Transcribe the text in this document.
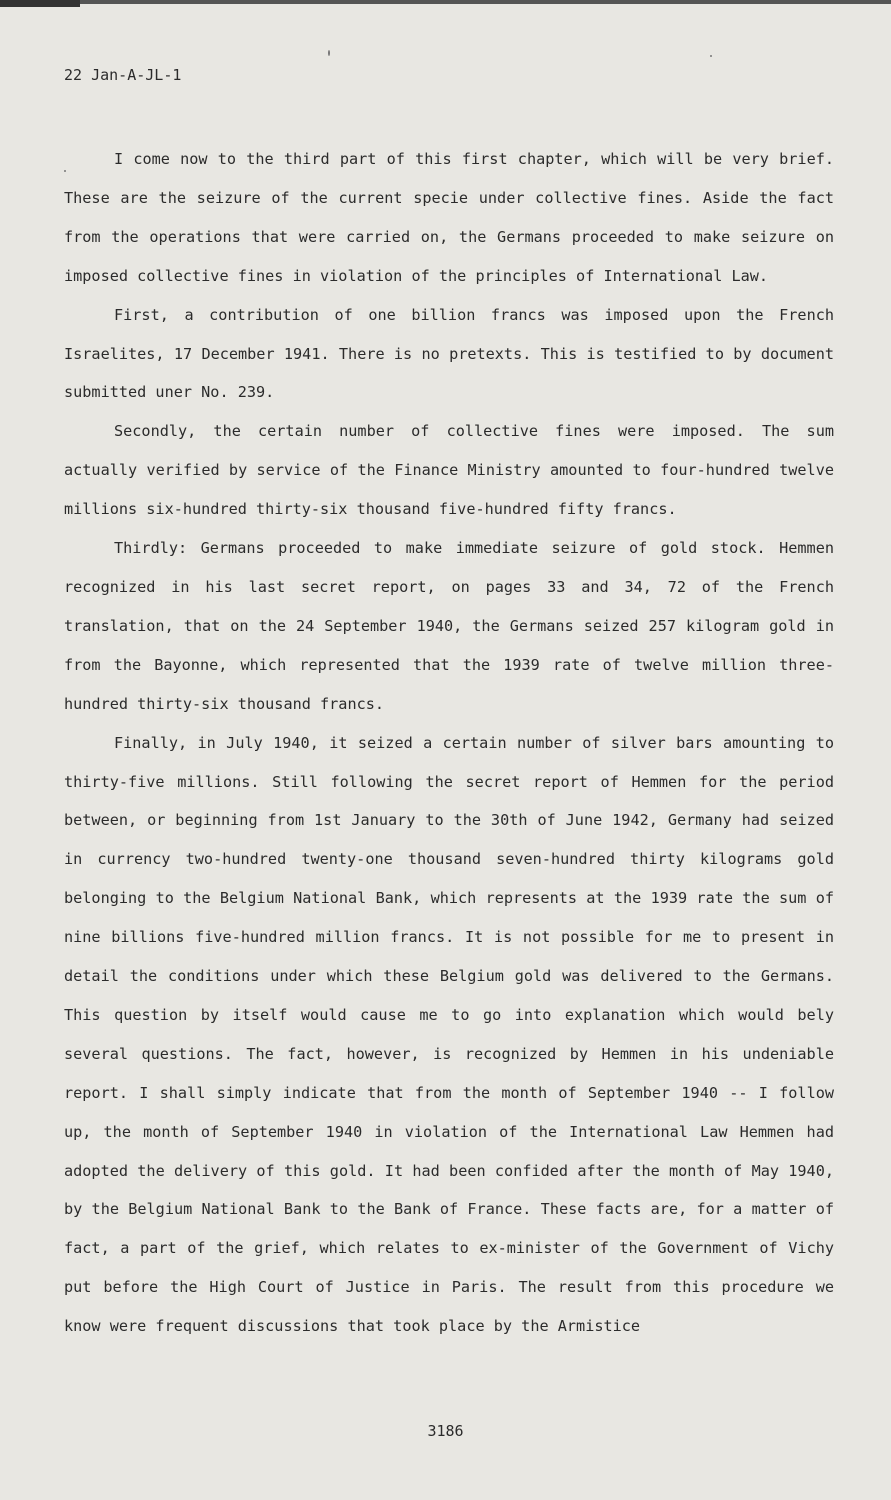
22 Jan-A-JL-1

I come now to the third part of this first chapter, which will be very brief. These are the seizure of the current specie under collective fines. Aside the fact from the operations that were carried on, the Germans proceeded to make seizure on imposed collective fines in violation of the principles of International Law.

First, a contribution of one billion francs was imposed upon the French Israelites, 17 December 1941. There is no pretexts. This is testified to by document submitted uner No. 239.

Secondly, the certain number of collective fines were imposed. The sum actually verified by service of the Finance Ministry amounted to four-hundred twelve millions six-hundred thirty-six thousand five-hundred fifty francs.

Thirdly: Germans proceeded to make immediate seizure of gold stock. Hemmen recognized in his last secret report, on pages 33 and 34, 72 of the French translation, that on the 24 September 1940, the Germans seized 257 kilogram gold in from the Bayonne, which represented that the 1939 rate of twelve million three-hundred thirty-six thousand francs.

Finally, in July 1940, it seized a certain number of silver bars amounting to thirty-five millions. Still following the secret report of Hemmen for the period between, or beginning from 1st January to the 30th of June 1942, Germany had seized in currency two-hundred twenty-one thousand seven-hundred thirty kilograms gold belonging to the Belgium National Bank, which represents at the 1939 rate the sum of nine billions five-hundred million francs. It is not possible for me to present in detail the conditions under which these Belgium gold was delivered to the Germans. This question by itself would cause me to go into explanation which would bely several questions. The fact, however, is recognized by Hemmen in his undeniable report. I shall simply indicate that from the month of September 1940 -- I follow up, the month of September 1940 in violation of the International Law Hemmen had adopted the delivery of this gold. It had been confided after the month of May 1940, by the Belgium National Bank to the Bank of France. These facts are, for a matter of fact, a part of the grief, which relates to ex-minister of the Government of Vichy put before the High Court of Justice in Paris. The result from this procedure we know were frequent discussions that took place by the Armistice

3186
